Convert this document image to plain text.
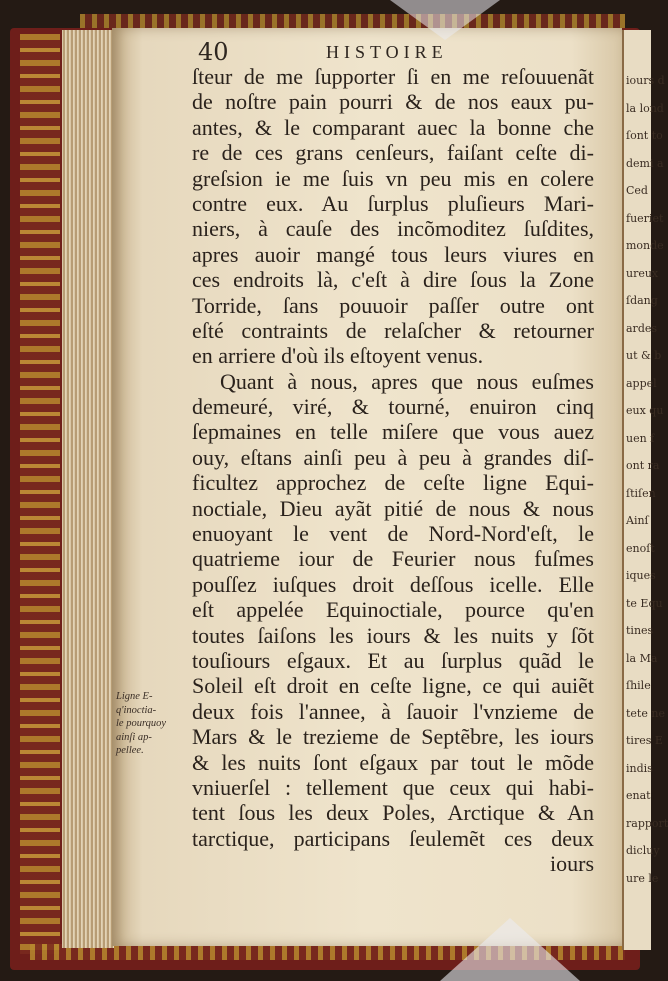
iours d
la lond
ſont to
demi a
Ced
fueriet
monde
ureux
ſdang
ardes
ut & b
appel
eux qu
uen f
ont ra
ſtiſen
Ainſ
enoſt
iques
te Equ
tines
la Ma
ſhile
tete ne
tires E
indis
enat
rapport
dicluy
ure le
40	HISTOIRE
ſteur de me ſupporter ſi en me reſouuenãt
de noſtre pain pourri & de nos eaux pu-
antes, & le comparant auec la bonne che
re de ces grans cenſeurs, faiſant ceſte di-
greſsion ie me ſuis vn peu mis en colere
contre eux. Au ſurplus pluſieurs Mari-
niers, à cauſe des incõmoditez ſuſdites,
apres auoir mangé tous leurs viures en
ces endroits là, c'eſt à dire ſous la Zone
Torride, ſans pouuoir paſſer outre ont
eſté contraints de relaſcher & retourner
en arriere d'où ils eſtoyent venus.
Quant à nous, apres que nous euſmes
demeuré, viré, & tourné, enuiron cinq
ſepmaines en telle miſere que vous auez
ouy, eſtans ainſi peu à peu à grandes diſ-
ficultez approchez de ceſte ligne Equi-
noctiale, Dieu ayãt pitié de nous & nous
enuoyant le vent de Nord-Nord'eſt, le
quatrieme iour de Feurier nous fuſmes
pouſſez iuſques droit deſſous icelle. Elle
eſt appelée Equinoctiale, pource qu'en
toutes ſaiſons les iours & les nuits y ſõt
touſiours eſgaux. Et au ſurplus quãd le
Soleil eſt droit en ceſte ligne, ce qui auiẽt
deux fois l'annee, à ſauoir l'vnzieme de
Mars & le trezieme de Septẽbre, les iours
& les nuits ſont eſgaux par tout le mõde
vniuerſel : tellement que ceux qui habi-
tent ſous les deux Poles, Arctique & An
tarctique, participans ſeulemẽt ces deux
iours
Ligne E-
q'inoctia-
le pourquoy
ainſi ap-
pellee.
